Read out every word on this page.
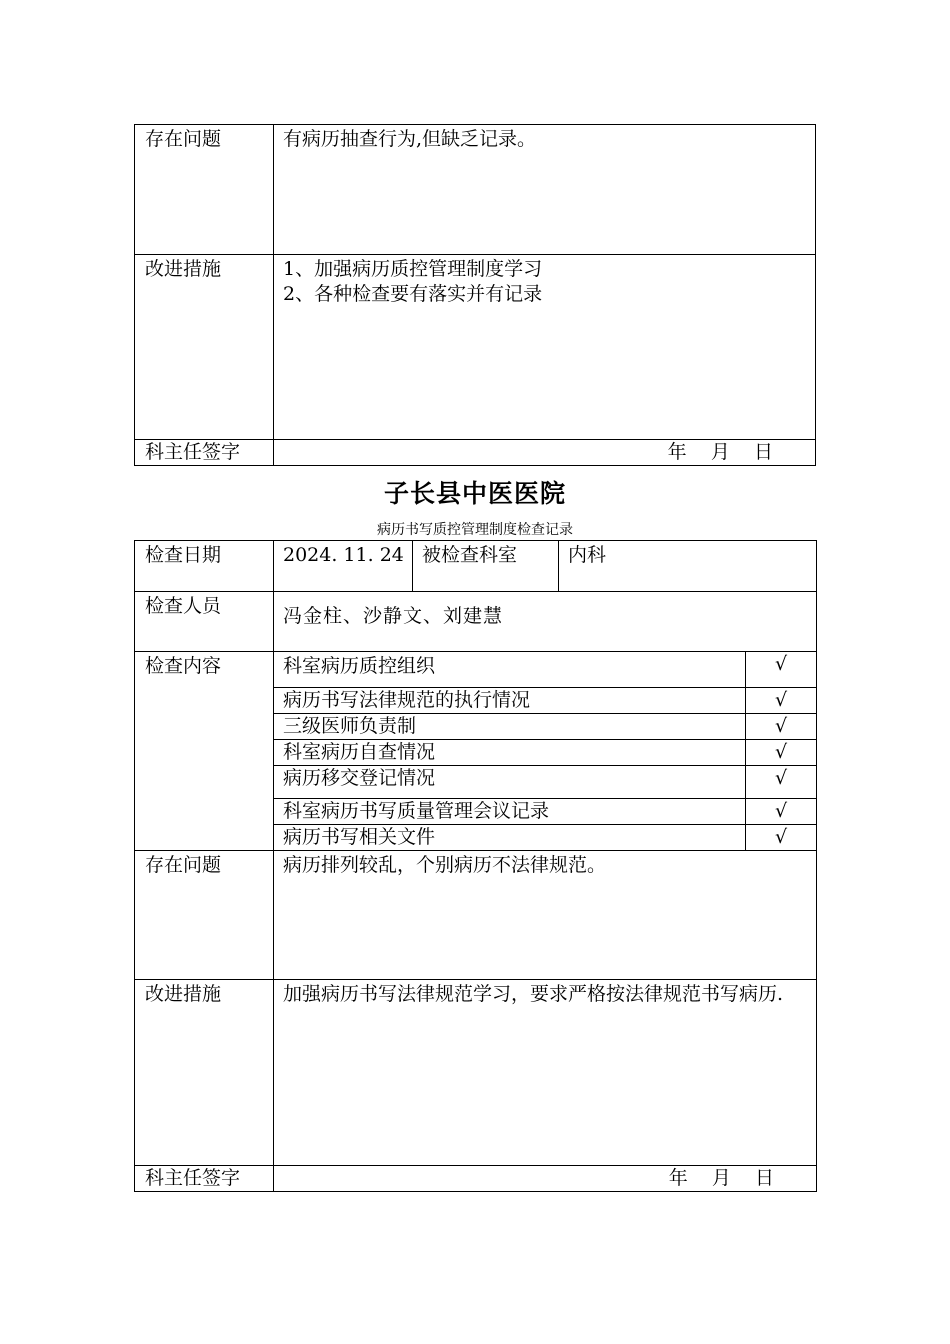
存在问题	有病历抽查行为,但缺乏记录。
改进措施	1、加强病历质控管理制度学习
2、各种检查要有落实并有记录

科主任签字	年    月    日
子长县中医医院
病历书写质控管理制度检查记录
检查日期	2024. 11. 24	被检查科室	内科	
检查人员	冯金柱、沙静文、刘建慧			
检查内容	科室病历质控组织			√
	病历书写法律规范的执行情况			√
	三级医师负责制			√
	科室病历自查情况			√
	病历移交登记情况			√
	科室病历书写质量管理会议记录			√
	病历书写相关文件			√
存在问题	病历排列较乱，个别病历不法律规范。			
改进措施	加强病历书写法律规范学习，要求严格按法律规范书写病历.			
科主任签字	年    月    日			
